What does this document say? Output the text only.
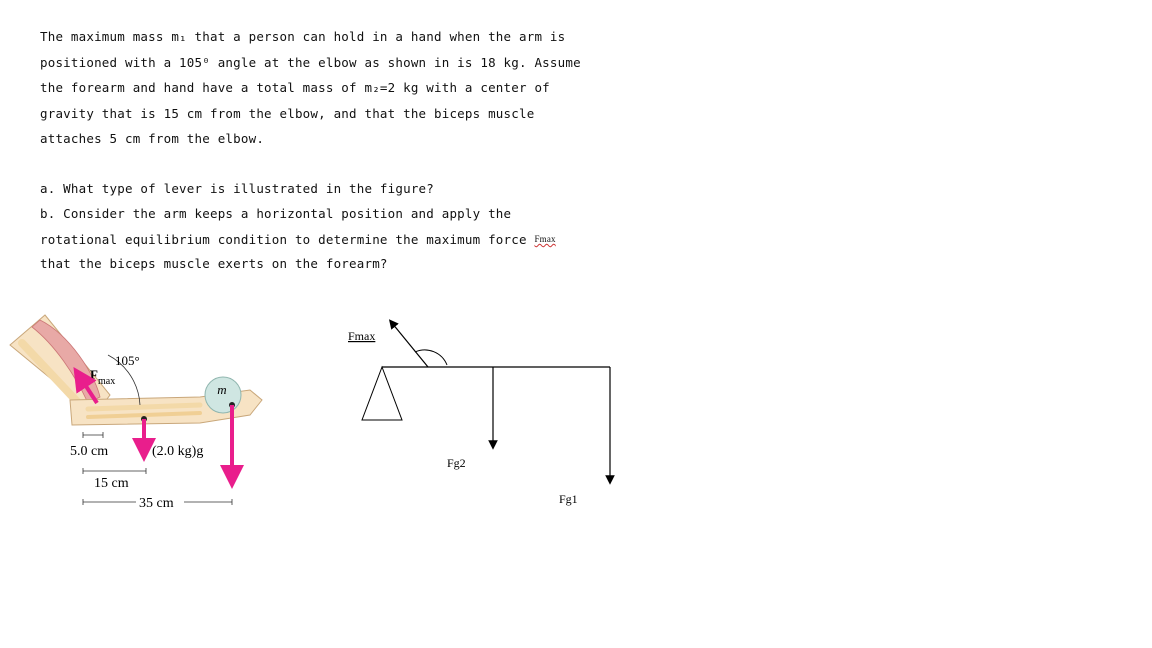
The maximum mass m₁ that a person can hold in a hand when the arm is
positioned with a 105⁰ angle at the elbow as shown in is 18 kg. Assume
the forearm and hand have a total mass of m₂=2 kg with a center of
gravity that is 15 cm from the elbow, and that the biceps muscle
attaches 5 cm from the elbow.
a. What type of lever is illustrated in the figure?
b. Consider the arm keeps a horizontal position and apply the
rotational equilibrium condition to determine the maximum force Fmax
that the biceps muscle exerts on the forearm?
m
105°
F max
5.0 cm	(2.0 kg)g
15 cm
35 cm
Fmax
Fg2
Fg1
